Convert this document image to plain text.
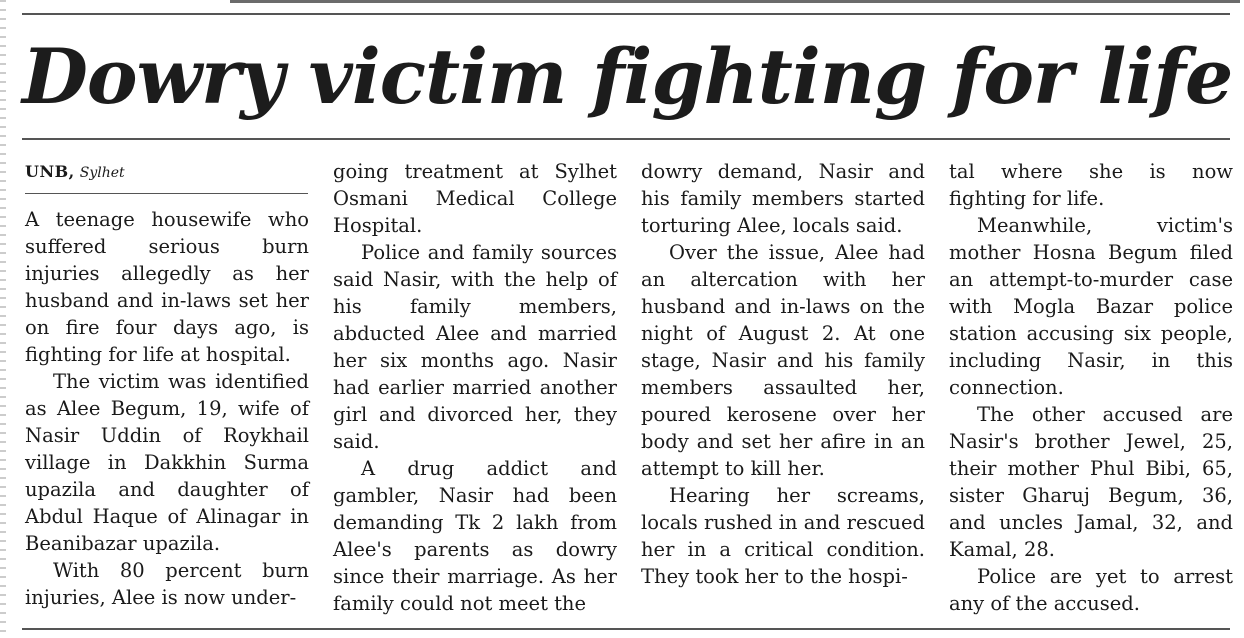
Dowry victim fighting for life
UNB, Sylhet

A teenage housewife who suffered serious burn injuries allegedly as her husband and in-laws set her on fire four days ago, is fighting for life at hospital.

The victim was identified as Alee Begum, 19, wife of Nasir Uddin of Roykhail village in Dakkhin Surma upazila and daughter of Abdul Haque of Alinagar in Beanibazar upazila.

With 80 percent burn injuries, Alee is now under-

going treatment at Sylhet Osmani Medical College Hospital.

Police and family sources said Nasir, with the help of his family members, abducted Alee and married her six months ago. Nasir had earlier married another girl and divorced her, they said.

A drug addict and gambler, Nasir had been demanding Tk 2 lakh from Alee's parents as dowry since their marriage. As her family could not meet the

dowry demand, Nasir and his family members started torturing Alee, locals said.

Over the issue, Alee had an altercation with her husband and in-laws on the night of August 2. At one stage, Nasir and his family members assaulted her, poured kerosene over her body and set her afire in an attempt to kill her.

Hearing her screams, locals rushed in and rescued her in a critical condition. They took her to the hospi-

tal where she is now fighting for life.

Meanwhile, victim's mother Hosna Begum filed an attempt-to-murder case with Mogla Bazar police station accusing six people, including Nasir, in this connection.

The other accused are Nasir's brother Jewel, 25, their mother Phul Bibi, 65, sister Gharuj Begum, 36, and uncles Jamal, 32, and Kamal, 28.

Police are yet to arrest any of the accused.
